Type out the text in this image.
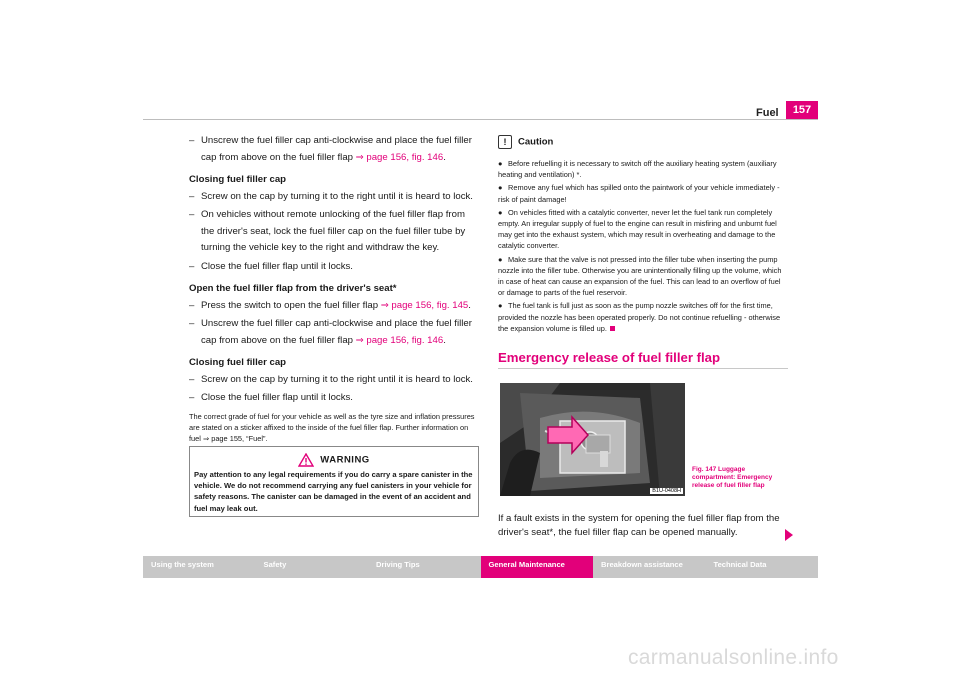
Fuel	157
– Unscrew the fuel filler cap anti-clockwise and place the fuel filler cap from above on the fuel filler flap ⇒ page 156, fig. 146.
Closing fuel filler cap
– Screw on the cap by turning it to the right until it is heard to lock.
– On vehicles without remote unlocking of the fuel filler flap from the driver's seat, lock the fuel filler cap on the fuel filler tube by turning the vehicle key to the right and withdraw the key.
– Close the fuel filler flap until it locks.
Open the fuel filler flap from the driver's seat*
– Press the switch to open the fuel filler flap ⇒ page 156, fig. 145.
– Unscrew the fuel filler cap anti-clockwise and place the fuel filler cap from above on the fuel filler flap ⇒ page 156, fig. 146.
Closing fuel filler cap
– Screw on the cap by turning it to the right until it is heard to lock.
– Close the fuel filler flap until it locks.
The correct grade of fuel for your vehicle as well as the tyre size and inflation pressures are stated on a sticker affixed to the inside of the fuel filler flap. Further information on fuel ⇒ page 155, “Fuel”.
WARNING
Pay attention to any legal requirements if you do carry a spare canister in the vehicle. We do not recommend carrying any fuel canisters in your vehicle for safety reasons. The canister can be damaged in the event of an accident and fuel may leak out.
! Caution

● Before refuelling it is necessary to switch off the auxiliary heating system (auxiliary heating and ventilation) *.

● Remove any fuel which has spilled onto the paintwork of your vehicle immediately - risk of paint damage!

● On vehicles fitted with a catalytic converter, never let the fuel tank run completely empty. An irregular supply of fuel to the engine can result in misfiring and unburnt fuel may get into the exhaust system, which may result in overheating and damage to the catalytic converter.

● Make sure that the valve is not pressed into the filler tube when inserting the pump nozzle into the filler tube. Otherwise you are unintentionally filling up the volume, which in case of heat can cause an expansion of the fuel. This can lead to an overflow of fuel or damage to parts of the fuel reservoir.

● The fuel tank is full just as soon as the pump nozzle switches off for the first time, provided the nozzle has been operated properly. Do not continue refuelling - otherwise the expansion volume is filled up.

Emergency release of fuel filler flap
B1U-0408H
Fig. 147 Luggage compartment: Emergency release of fuel filler flap
If a fault exists in the system for opening the fuel filler flap from the driver's seat*, the fuel filler flap can be opened manually.
Using the system	Safety	Driving Tips	General Maintenance	Breakdown assistance	Technical Data
carmanualsonline.info
